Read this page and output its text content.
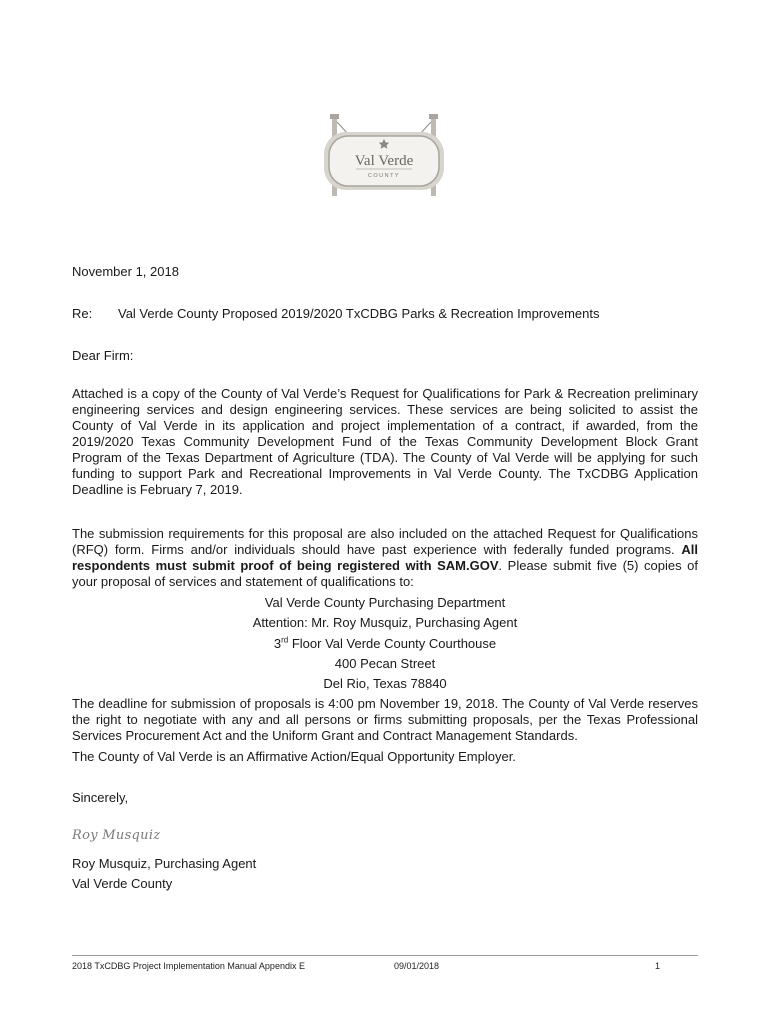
Val Verde
COUNTY
November 1, 2018
Re: Val Verde County Proposed 2019/2020 TxCDBG Parks & Recreation Improvements
Dear Firm:
Attached is a copy of the County of Val Verde’s Request for Qualifications for Park & Recreation preliminary engineering services and design engineering services. These services are being solicited to assist the County of Val Verde in its application and project implementation of a contract, if awarded, from the 2019/2020 Texas Community Development Fund of the Texas Community Development Block Grant Program of the Texas Department of Agriculture (TDA). The County of Val Verde will be applying for such funding to support Park and Recreational Improvements in Val Verde County. The TxCDBG Application Deadline is February 7, 2019.
The submission requirements for this proposal are also included on the attached Request for Qualifications (RFQ) form. Firms and/or individuals should have past experience with federally funded programs. All respondents must submit proof of being registered with SAM.GOV. Please submit five (5) copies of your proposal of services and statement of qualifications to:
Val Verde County Purchasing Department
Attention: Mr. Roy Musquiz, Purchasing Agent
3rd Floor Val Verde County Courthouse
400 Pecan Street
Del Rio, Texas 78840
The deadline for submission of proposals is 4:00 pm November 19, 2018. The County of Val Verde reserves the right to negotiate with any and all persons or firms submitting proposals, per the Texas Professional Services Procurement Act and the Uniform Grant and Contract Management Standards.
The County of Val Verde is an Affirmative Action/Equal Opportunity Employer.
Sincerely,
Roy Musquiz
Roy Musquiz, Purchasing Agent
Val Verde County
2018 TxCDBG Project Implementation Manual Appendix E	09/01/2018	1
